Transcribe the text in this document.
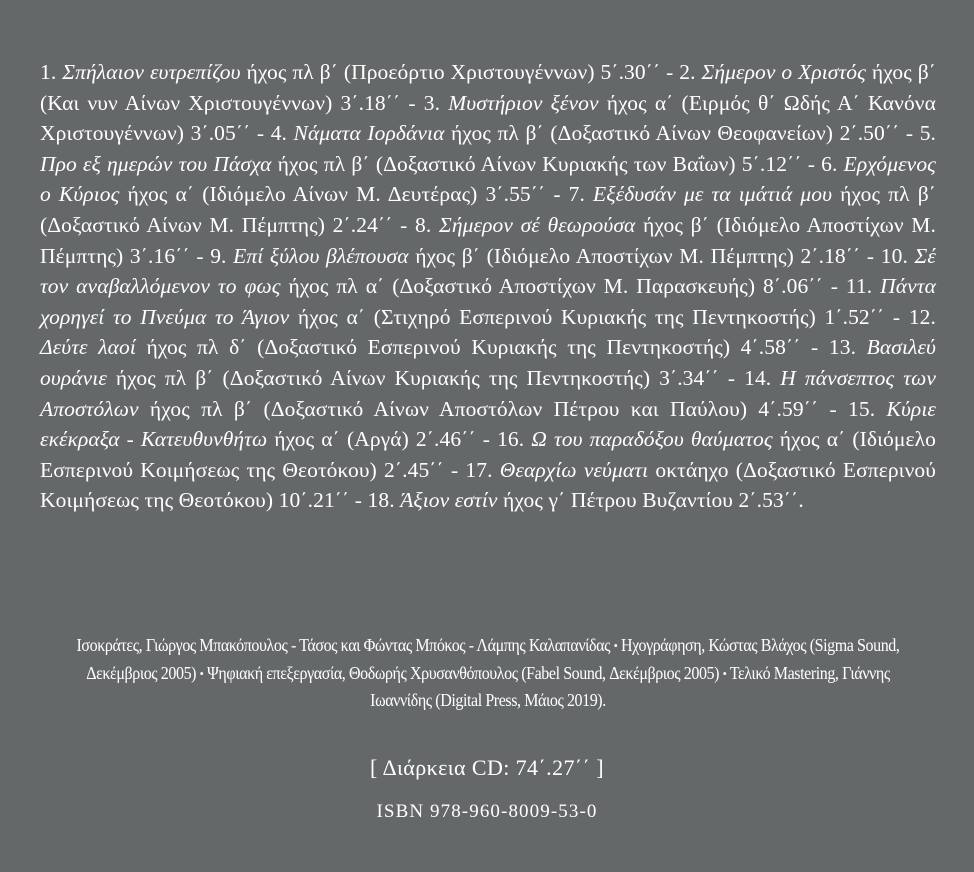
1. Σπήλαιον ευτρεπίζου ήχος πλ β΄ (Προεόρτιο Χριστουγέννων) 5΄.30΄΄ - 2. Σήμερον ο Χριστός ήχος β΄ (Και νυν Αίνων Χριστουγέννων) 3΄.18΄΄ - 3. Μυστήριον ξένον ήχος α΄ (Ειρμός θ΄ Ωδής Α΄ Κανόνα Χριστουγέννων) 3΄.05΄΄ - 4. Νάματα Ιορδάνια ήχος πλ β΄ (Δοξαστικό Αίνων Θεοφανείων) 2΄.50΄΄ - 5. Προ εξ ημερών του Πάσχα ήχος πλ β΄ (Δοξαστικό Αίνων Κυριακής των Βαΐων) 5΄.12΄΄ - 6. Ερχόμενος ο Κύριος ήχος α΄ (Ιδιόμελο Αίνων Μ. Δευτέρας) 3΄.55΄΄ - 7. Εξέδυσάν με τα ιμάτιά μου ήχος πλ β΄ (Δοξαστικό Αίνων Μ. Πέμπτης) 2΄.24΄΄ - 8. Σήμερον σέ θεωρούσα ήχος β΄ (Ιδιόμελο Αποστίχων Μ. Πέμπτης) 3΄.16΄΄ - 9. Επί ξύλου βλέπουσα ήχος β΄ (Ιδιόμελο Αποστίχων Μ. Πέμπτης) 2΄.18΄΄ - 10. Σέ τον αναβαλλόμενον το φως ήχος πλ α΄ (Δοξαστικό Αποστίχων Μ. Παρασκευής) 8΄.06΄΄ - 11. Πάντα χορηγεί το Πνεύμα το Άγιον ήχος α΄ (Στιχηρό Εσπερινού Κυριακής της Πεντηκοστής) 1΄.52΄΄ - 12. Δεύτε λαοί ήχος πλ δ΄ (Δοξαστικό Εσπερινού Κυριακής της Πεντηκοστής) 4΄.58΄΄ - 13. Βασιλεύ ουράνιε ήχος πλ β΄ (Δοξαστικό Αίνων Κυριακής της Πεντηκοστής) 3΄.34΄΄ - 14. Η πάνσεπτος των Αποστόλων ήχος πλ β΄ (Δοξαστικό Αίνων Αποστόλων Πέτρου και Παύλου) 4΄.59΄΄ - 15. Κύριε εκέκραξα - Κατευθυνθήτω ήχος α΄ (Αργά) 2΄.46΄΄ - 16. Ω του παραδόξου θαύματος ήχος α΄ (Ιδιόμελο Εσπερινού Κοιμήσεως της Θεοτόκου) 2΄.45΄΄ - 17. Θεαρχίω νεύματι οκτάηχο (Δοξαστικό Εσπερινού Κοιμήσεως της Θεοτόκου) 10΄.21΄΄ - 18. Άξιον εστίν ήχος γ΄ Πέτρου Βυζαντίου 2΄.53΄΄.
Ισοκράτες, Γιώργος Μπακόπουλος - Τάσος και Φώντας Μπόκος - Λάμπης Καλαπανίδας • Ηχογράφηση, Κώστας Βλάχος (Sigma Sound, Δεκέμβριος 2005) • Ψηφιακή επεξεργασία, Θοδωρής Χρυσανθόπουλος (Fabel Sound, Δεκέμβριος 2005) • Τελικό Mastering, Γιάννης Ιωαννίδης (Digital Press, Μάιος 2019).
[ Διάρκεια CD: 74΄.27΄΄ ]
ISBN 978-960-8009-53-0
